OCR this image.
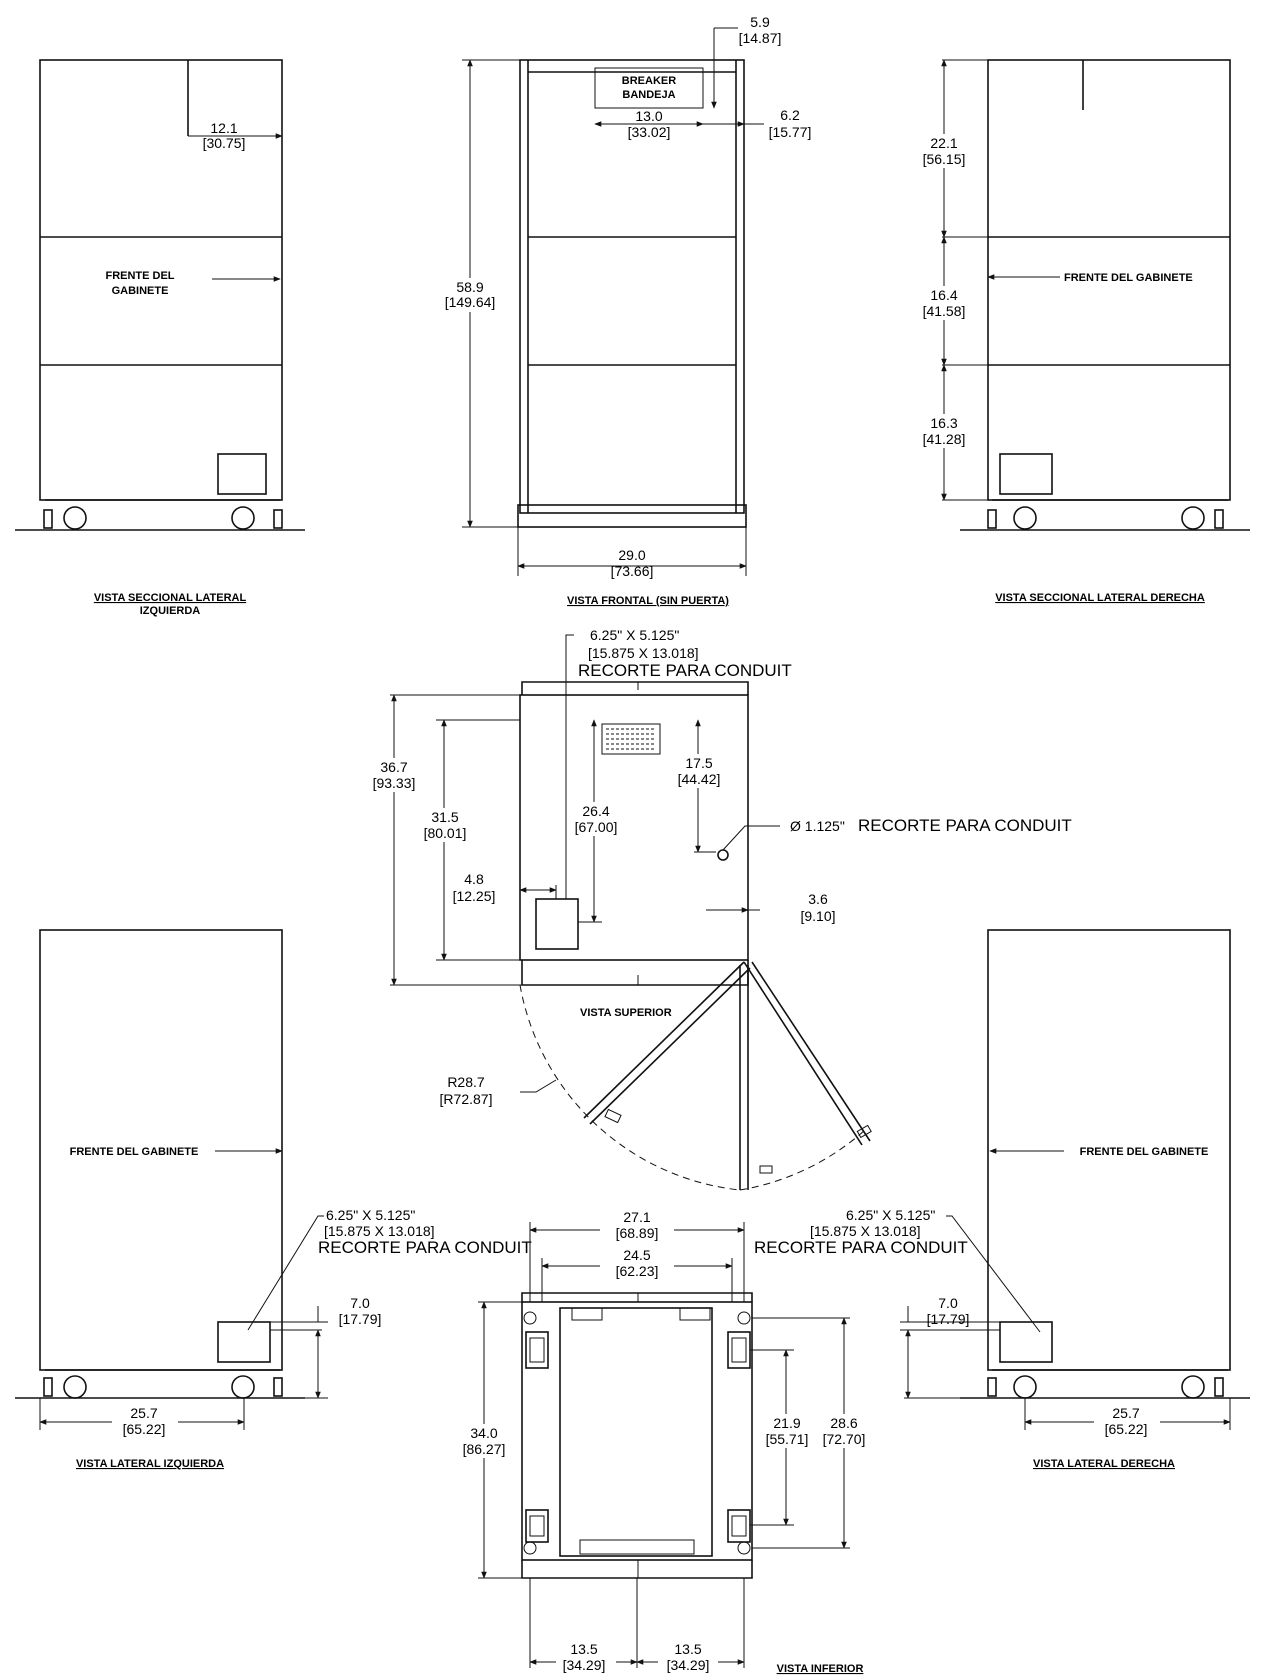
12.1
[30.75]
FRENTE DEL
GABINETE
VISTA SECCIONAL LATERAL
IZQUIERDA
BREAKER
BANDEJA
5.9
[14.87]
13.0
[33.02]
6.2
[15.77]
58.9
[149.64]
29.0
[73.66]
VISTA FRONTAL (SIN PUERTA)
22.1
[56.15]
16.4
[41.58]
16.3
[41.28]
FRENTE DEL GABINETE
VISTA SECCIONAL LATERAL DERECHA
6.25" X 5.125"
[15.875 X 13.018]
RECORTE PARA CONDUIT
Ø 1.125" RECORTE PARA CONDUIT
36.7
[93.33]
31.5
[80.01]
26.4
[67.00]
17.5
[44.42]
4.8
[12.25]	3.6
[9.10]
VISTA SUPERIOR
R28.7
[R72.87]
FRENTE DEL GABINETE
6.25" X 5.125"
[15.875 X 13.018]
RECORTE PARA CONDUIT
7.0
[17.79]
25.7
[65.22]
VISTA LATERAL IZQUIERDA
FRENTE DEL GABINETE
6.25" X 5.125"
[15.875 X 13.018]
RECORTE PARA CONDUIT
7.0
[17.79]
25.7
[65.22]
VISTA LATERAL DERECHA
27.1
[68.89]
24.5
[62.23]
34.0
[86.27]
21.9
[55.71]
28.6
[72.70]
13.5
[34.29]
13.5
[34.29]	VISTA INFERIOR
